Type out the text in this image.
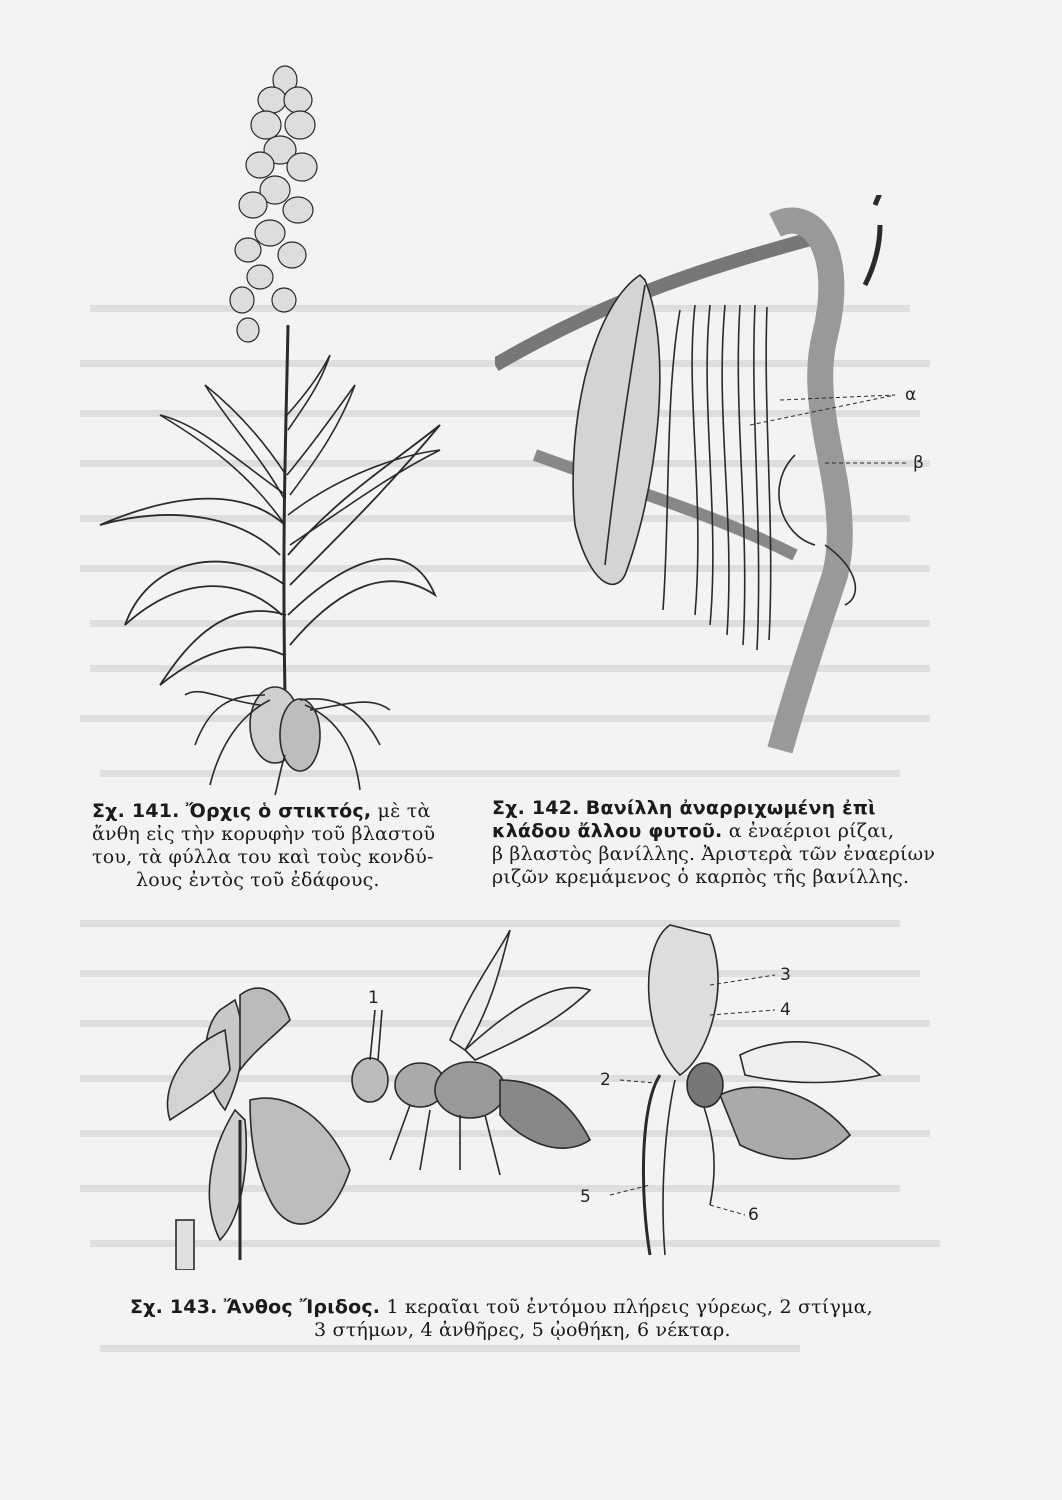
α
β
Σχ. 141. Ὄρχις ὁ στικτός, μὲ τὰ
ἄνθη εἰς τὴν κορυφὴν τοῦ βλαστοῦ
του, τὰ φύλλα του καὶ τοὺς κονδύ-
λους ἐντὸς τοῦ ἐδάφους.
Σχ. 142. Βανίλλη ἀναρριχωμένη ἐπὶ
κλάδου ἄλλου φυτοῦ. α ἐναέριοι ρίζαι,
β βλαστὸς βανίλλης. Ἀριστερὰ τῶν ἐναερίων
ριζῶν κρεμάμενος ὁ καρπὸς τῆς βανίλλης.
1
3
4
2
5
6
Σχ. 143. Ἄνθος Ἴριδος. 1 κεραῖαι τοῦ ἐντόμου πλήρεις γύρεως, 2 στίγμα,
3 στήμων, 4 ἀνθῆρες, 5 ᾠοθήκη, 6 νέκταρ.
